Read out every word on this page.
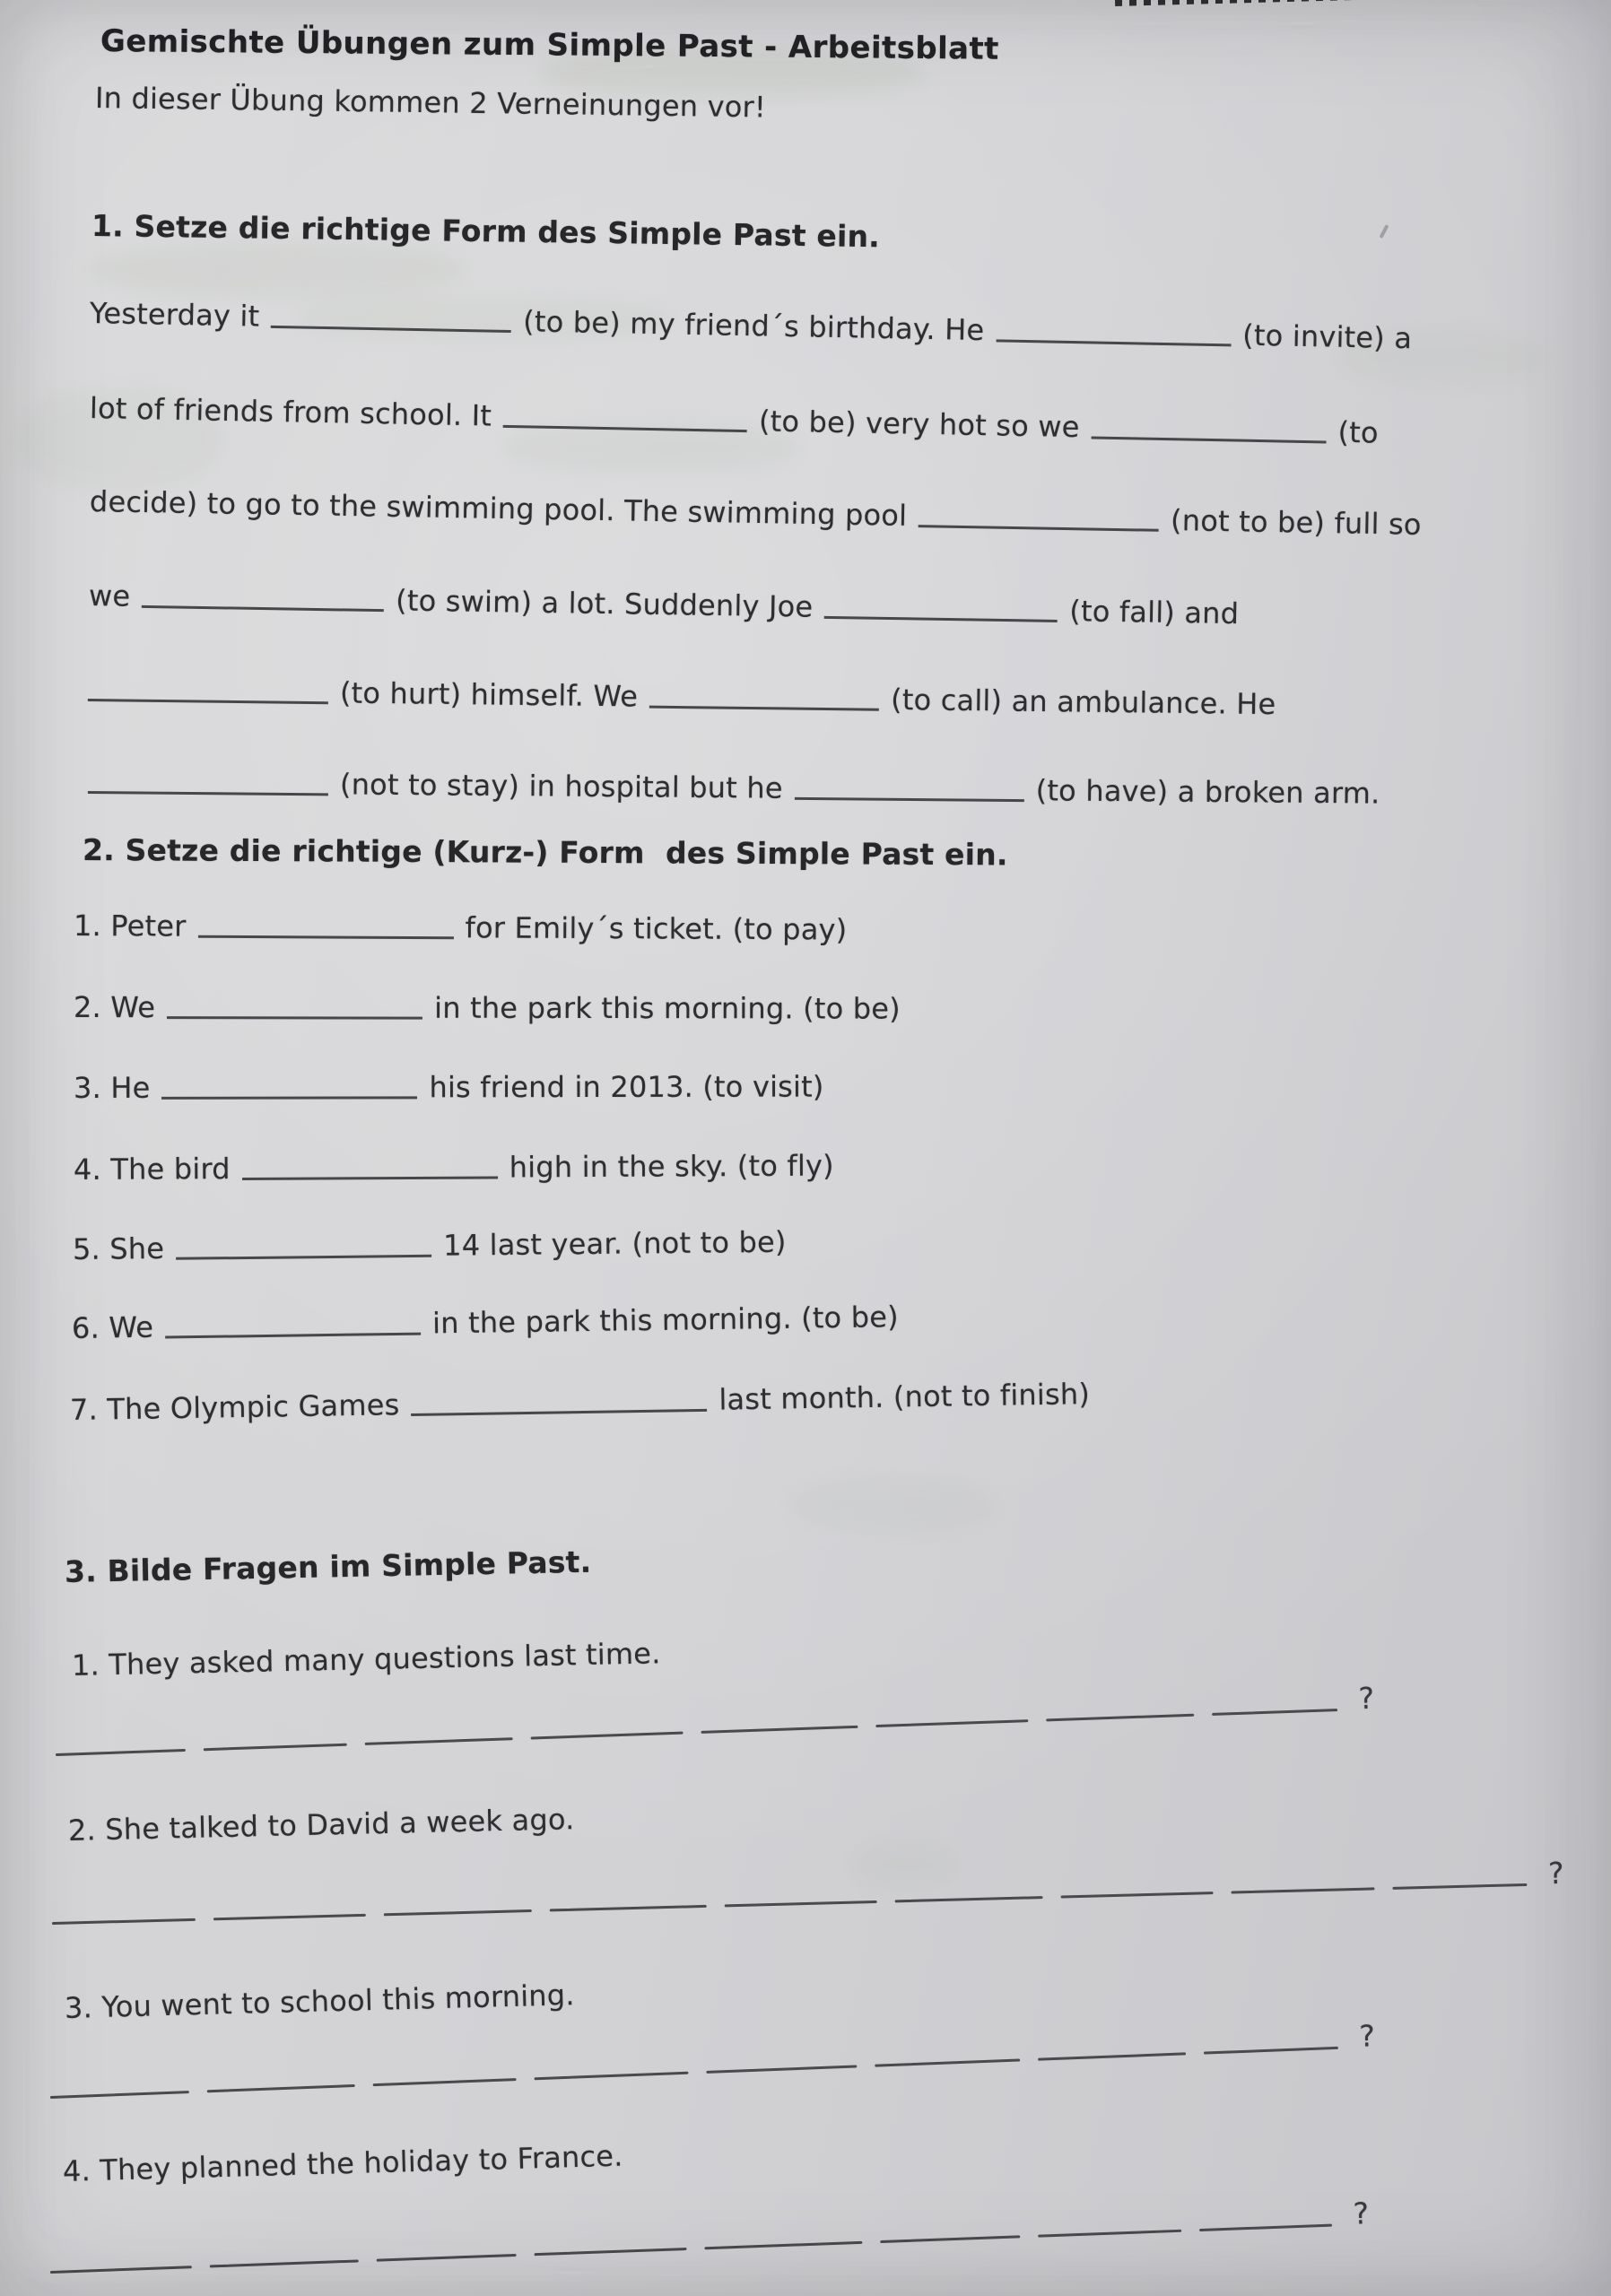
Gemischte Übungen zum Simple Past - Arbeitsblatt
In dieser Übung kommen 2 Verneinungen vor!
1. Setze die richtige Form des Simple Past ein.
Yesterday it	(to be) my friend´s birthday. He	(to invite) a
lot of friends from school. It	(to be) very hot so we	(to
decide) to go to the swimming pool. The swimming pool	(not to be) full so
we	(to swim) a lot. Suddenly Joe	(to fall) and
(to hurt) himself. We	(to call) an ambulance. He
(not to stay) in hospital but he	(to have) a broken arm.
2. Setze die richtige (Kurz-) Form  des Simple Past ein.
1. Peter	for Emily´s ticket. (to pay)
2. We	in the park this morning. (to be)
3. He	his friend in 2013. (to visit)
4. The bird	high in the sky. (to fly)
5. She	14 last year. (not to be)
6. We	in the park this morning. (to be)
7. The Olympic Games	last month. (not to finish)
3. Bilde Fragen im Simple Past.
1. They asked many questions last time.
?
2. She talked to David a week ago.
?
3. You went to school this morning.
?
4. They planned the holiday to France.
?
